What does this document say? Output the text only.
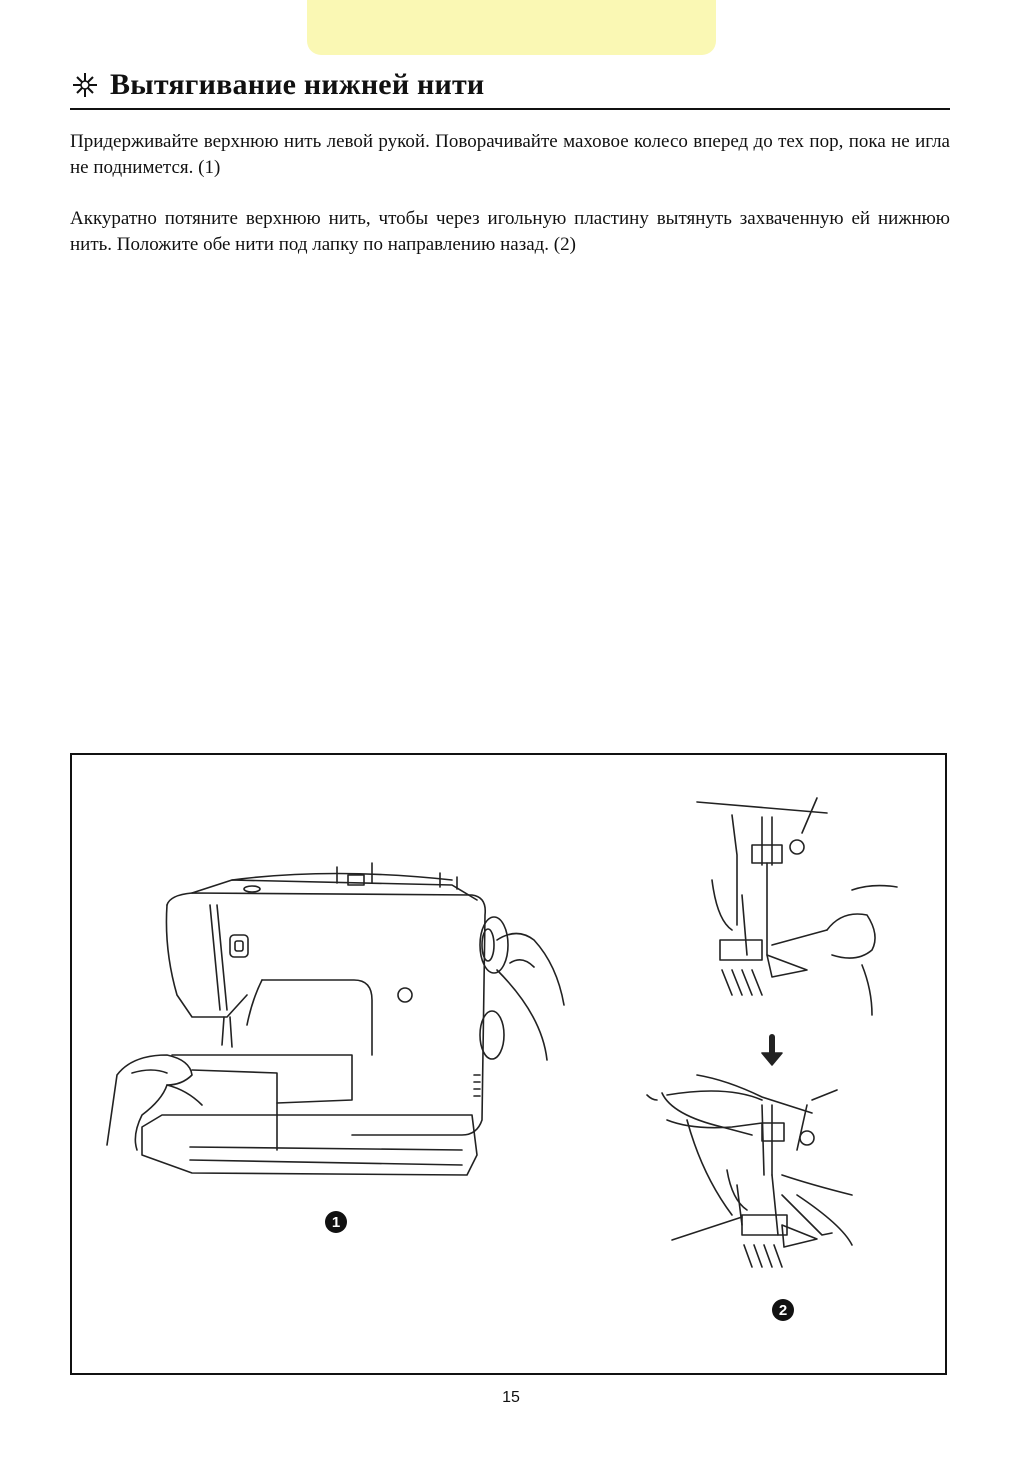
Вытягивание нижней нити

Придерживайте верхнюю нить левой рукой. Поворачивайте маховое колесо вперед до тех пор, пока не игла не поднимется. (1)

Аккуратно потяните верхнюю нить, чтобы через игольную пластину вытянуть захваченную ей нижнюю нить. Положите обе нити под лапку по направлению назад. (2)

1
2
15
